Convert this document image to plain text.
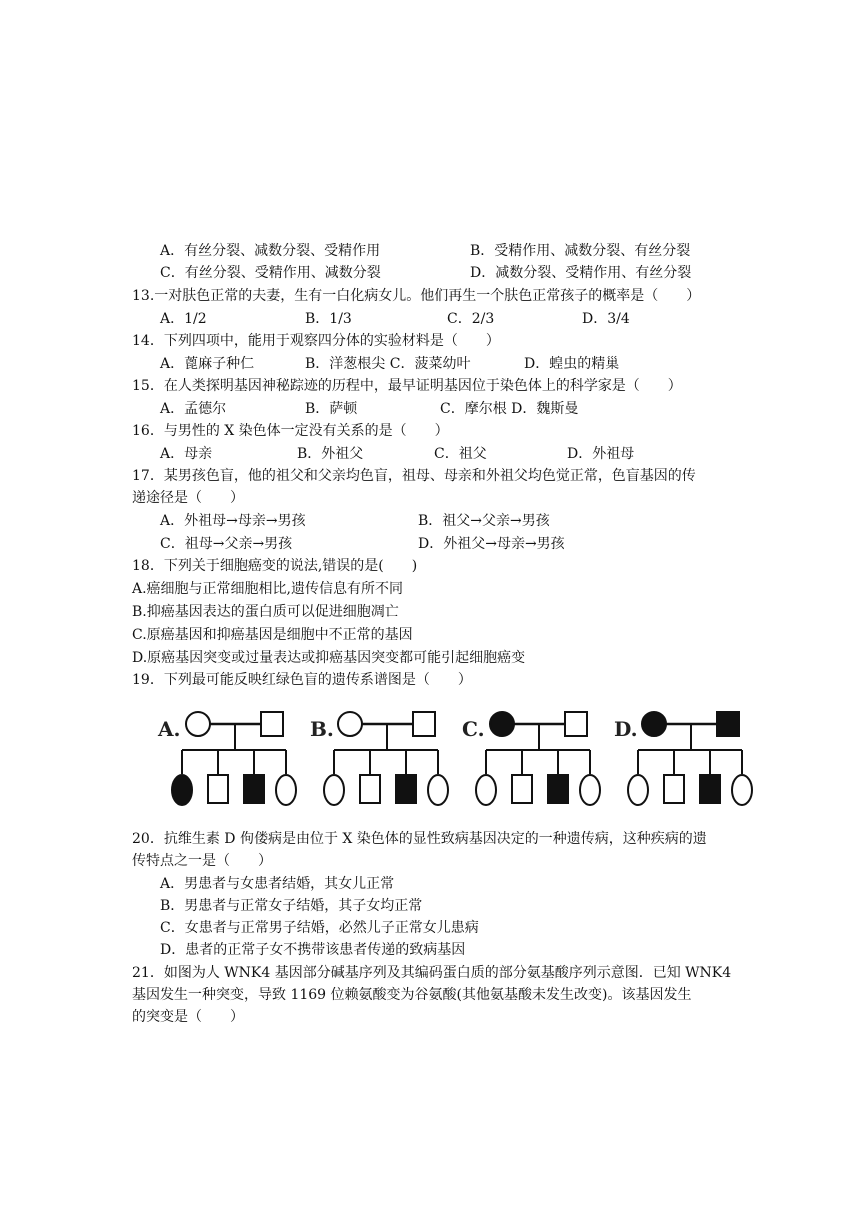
A．有丝分裂、减数分裂、受精作用	B．受精作用、减数分裂、有丝分裂
C．有丝分裂、受精作用、减数分裂	D．减数分裂、受精作用、有丝分裂
13.一对肤色正常的夫妻，生有一白化病女儿。他们再生一个肤色正常孩子的概率是（　　）
A．1/2	B．1/3	C．2/3	D．3/4
14．下列四项中，能用于观察四分体的实验材料是（　　）
A．蓖麻子种仁	B．洋葱根尖 C．菠菜幼叶	D．蝗虫的精巢
15．在人类探明基因神秘踪迹的历程中，最早证明基因位于染色体上的科学家是（　　）
A．孟德尔	B．萨顿	C．摩尔根 D．魏斯曼
16．与男性的 X 染色体一定没有关系的是（　　）
A．母亲	B．外祖父	C．祖父	D．外祖母
17．某男孩色盲，他的祖父和父亲均色盲，祖母、母亲和外祖父均色觉正常，色盲基因的传
递途径是（　　）
A．外祖母→母亲→男孩	B．祖父→父亲→男孩
C．祖母→父亲→男孩	D．外祖父→母亲→男孩
18．下列关于细胞癌变的说法,错误的是(　　)
A.癌细胞与正常细胞相比,遗传信息有所不同
B.抑癌基因表达的蛋白质可以促进细胞凋亡
C.原癌基因和抑癌基因是细胞中不正常的基因
D.原癌基因突变或过量表达或抑癌基因突变都可能引起细胞癌变
19．下列最可能反映红绿色盲的遗传系谱图是（　　）
A.	B.	C.	D.
20．抗维生素 D 佝偻病是由位于 X 染色体的显性致病基因决定的一种遗传病，这种疾病的遗
传特点之一是（　　）
A．男患者与女患者结婚，其女儿正常
B．男患者与正常女子结婚，其子女均正常
C．女患者与正常男子结婚，必然儿子正常女儿患病
D．患者的正常子女不携带该患者传递的致病基因
21．如图为人 WNK4 基因部分碱基序列及其编码蛋白质的部分氨基酸序列示意图．已知 WNK4
基因发生一种突变，导致 1169 位赖氨酸变为谷氨酸(其他氨基酸未发生改变)。该基因发生
的突变是（　　）
